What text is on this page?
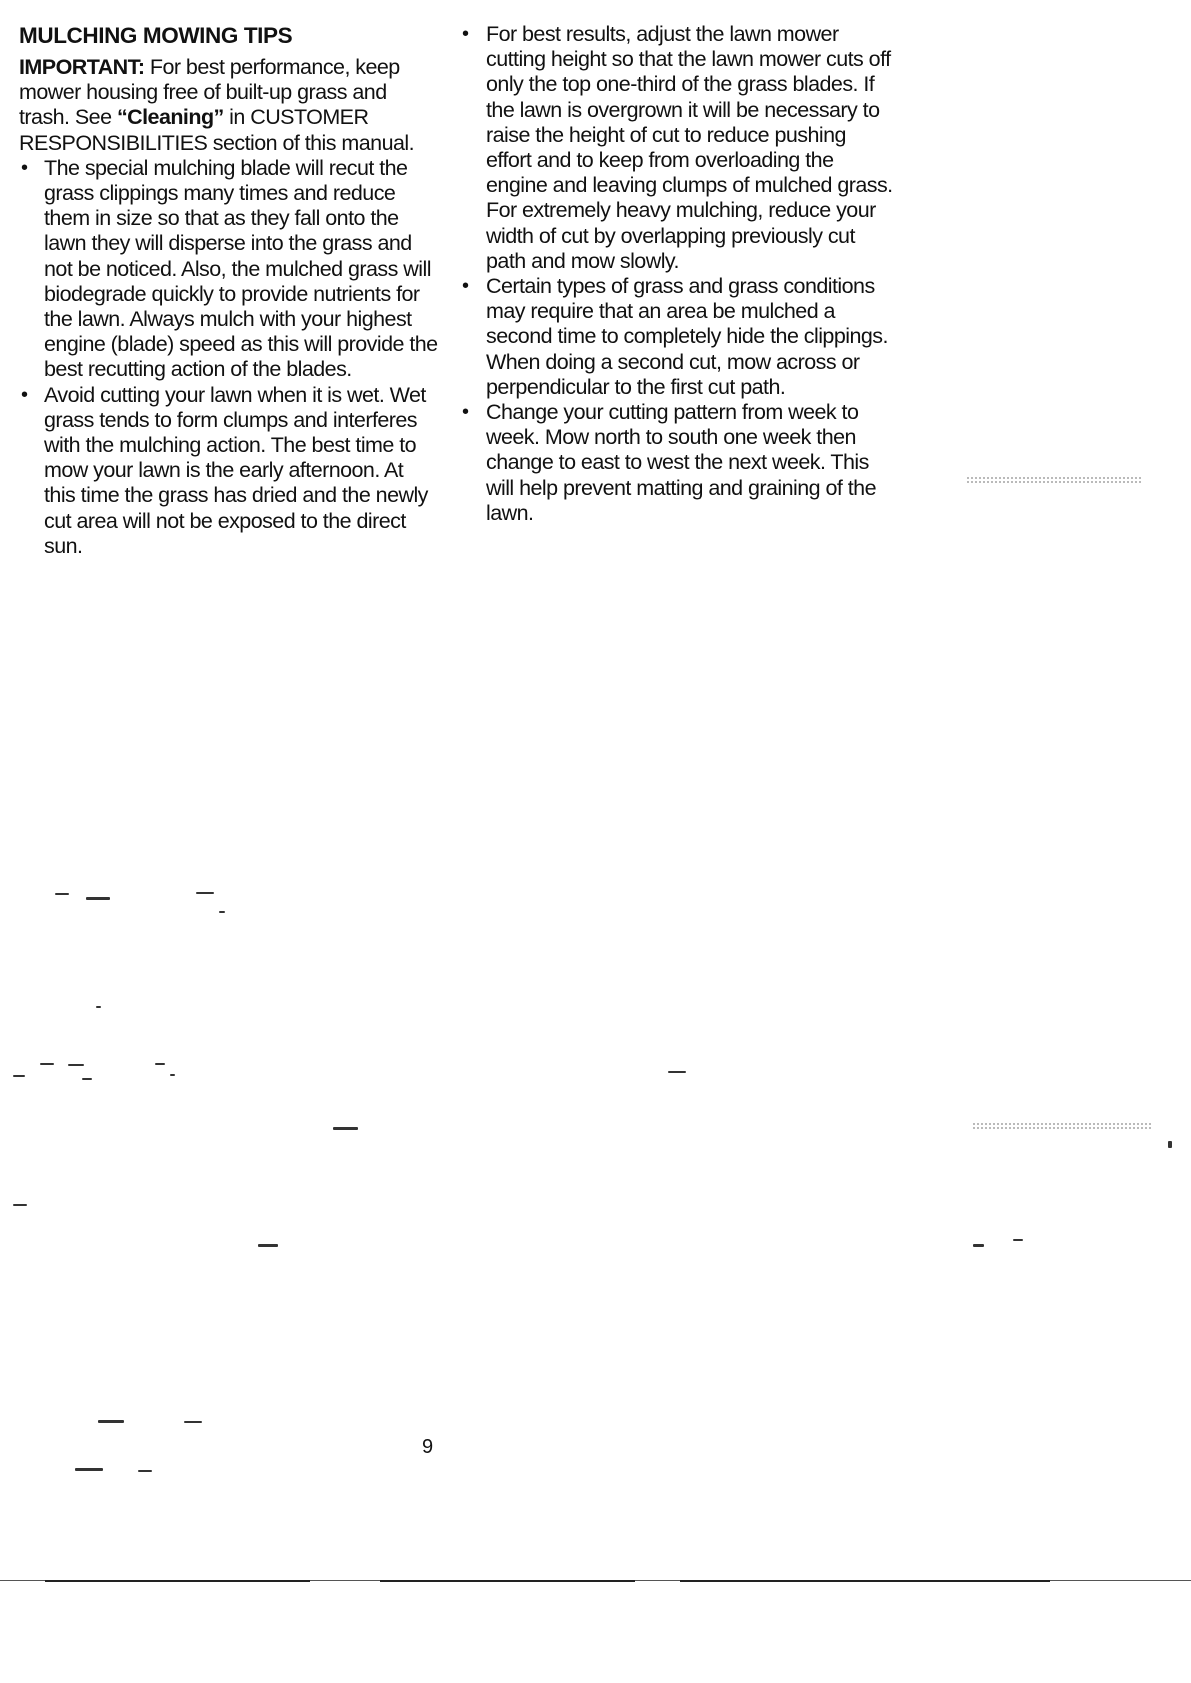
MULCHING MOWING TIPS

IMPORTANT: For best performance, keep mower housing free of built-up grass and trash. See “Cleaning” in CUSTOMER RESPONSIBILITIES section of this manual.

• The special mulching blade will recut the grass clippings many times and reduce them in size so that as they fall onto the lawn they will disperse into the grass and not be noticed. Also, the mulched grass will biodegrade quickly to provide nutrients for the lawn. Always mulch with your highest engine (blade) speed as this will provide the best recutting action of the blades.
• Avoid cutting your lawn when it is wet. Wet grass tends to form clumps and interferes with the mulching action. The best time to mow your lawn is the early afternoon. At this time the grass has dried and the newly cut area will not be exposed to the direct sun.
• For best results, adjust the lawn mower cutting height so that the lawn mower cuts off only the top one-third of the grass blades. If the lawn is overgrown it will be necessary to raise the height of cut to reduce pushing effort and to keep from overloading the engine and leaving clumps of mulched grass. For extremely heavy mulching, reduce your width of cut by overlapping previously cut path and mow slowly.
• Certain types of grass and grass conditions may require that an area be mulched a second time to completely hide the clippings. When doing a second cut, mow across or perpendicular to the first cut path.
• Change your cutting pattern from week to week. Mow north to south one week then change to east to west the next week. This will help prevent matting and graining of the lawn.
9
